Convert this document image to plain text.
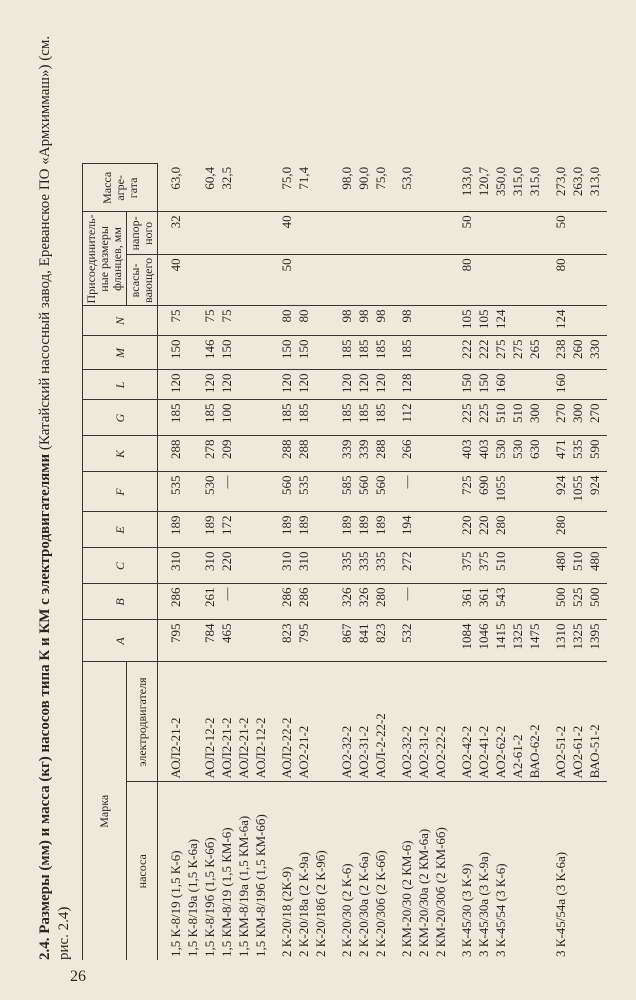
26
2.4. Размеры (мм) и масса (кг) насосов типа К и КМ с электродвигателями (Катайский насосный завод, Ереванское ПО «Армхиммаш») (см. рис. 2.4)
Марка		A	B	C	E	F	K	G	L	M	N	Присоединитель-ные размеры фланцев, мм		Масса агре-гата
насоса	электродвигателя											всасы-вающего	напор-ного	

1,5 К-8/19 (1,5 К-6)	АОЛ2-21-2	795	286	310	189	535	288	185	120	150	75	40	32	63,0
1,5 К-8/19а (1,5 К-6а)														
1,5 К-8/19б (1,5 К-6б)	АОЛ2-12-2	784	261	310	189	530	278	185	120	146	75			60,4
1,5 КМ-8/19 (1,5 КМ-6)	АОЛ2-21-2	465	—	220	172	—	209	100	120	150	75			32,5
1,5 КМ-8/19а (1,5 КМ-6а)	АОЛ2-21-2													
1,5 КМ-8/19б (1,5 КМ-6б)	АОЛ2-12-2													
2 К-20/18 (2К-9)	АОЛ2-22-2	823	286	310	189	560	288	185	120	150	80	50	40	75,0
2 К-20/18а (2 К-9а)	АО2-21-2	795	286	310	189	535	288	185	120	150	80			71,4
2 К-20/18б (2 К-9б)														
2 К-20/30 (2 К-6)	АО2-32-2	867	326	335	189	585	339	185	120	185	98			98,0
2 К-20/30а (2 К-6а)	АО2-31-2	841	326	335	189	560	339	185	120	185	98			90,0
2 К-20/30б (2 К-6б)	АОЛ-2-22-2	823	280	335	189	560	288	185	120	185	98			75,0
2 КМ-20/30 (2 КМ-6)	АО2-32-2	532	—	272	194	—	266	112	128	185	98			53,0
2 КМ-20/30а (2 КМ-6а)	АО2-31-2													
2 КМ-20/30б (2 КМ-6б)	АО2-22-2													
3 К-45/30 (3 К-9)	АО2-42-2	1084	361	375	220	725	403	225	150	222	105	80	50	133,0
3 К-45/30а (3 К-9а)	АО2-41-2	1046	361	375	220	690	403	225	150	222	105			120,7
3 К-45/54 (3 К-6)	АО2-62-2	1415	543	510	280	1055	530	510	160	275	124			350,0
	А2-61-2	1325					530	510		275				315,0
	ВАО-62-2	1475					630	300		265				315,0
3 К-45/54а (3 К-6а)	АО2-51-2	1310	500	480	280	924	471	270	160	238	124	80	50	273,0
	АО2-61-2	1325	525	510		1055	535	300		260				263,0
	ВАО-51-2	1395	500	480		924	590	270		330				313,0
